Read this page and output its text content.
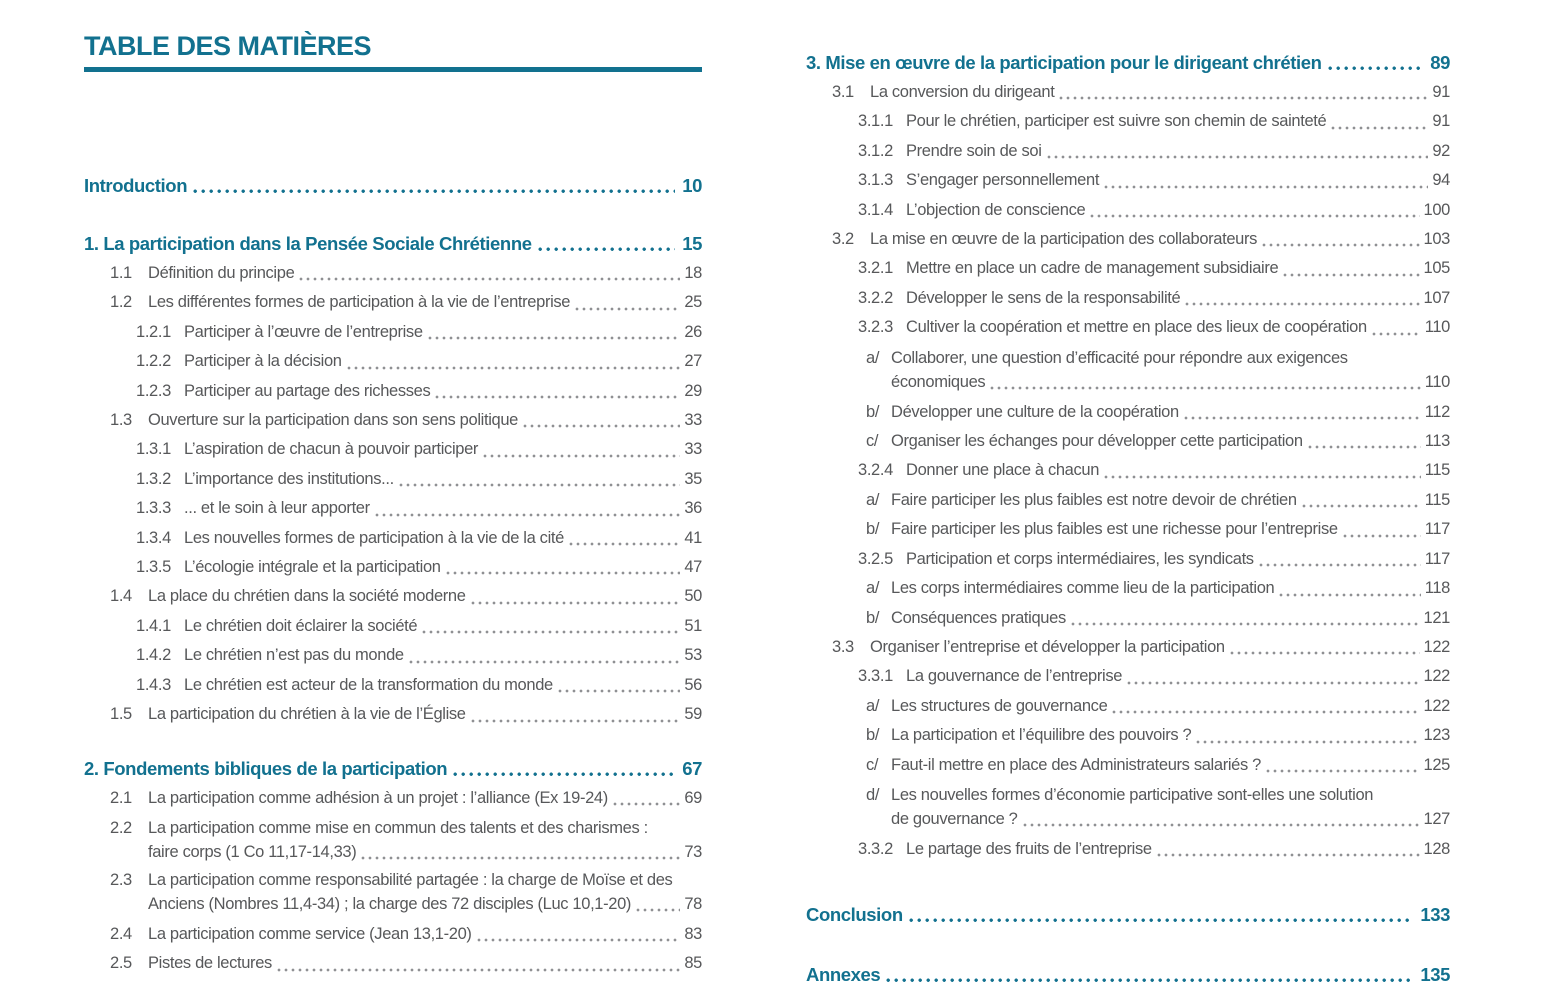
TABLE DES MATIÈRES
Introduction	10
1. La participation dans la Pensée Sociale Chrétienne	15
1.1 Définition du principe	18
1.2 Les différentes formes de participation à la vie de l’entreprise	25
1.2.1 Participer à l’œuvre de l’entreprise	26
1.2.2 Participer à la décision	27
1.2.3 Participer au partage des richesses	29
1.3 Ouverture sur la participation dans son sens politique	33
1.3.1 L’aspiration de chacun à pouvoir participer	33
1.3.2 L’importance des institutions...	35
1.3.3 ... et le soin à leur apporter	36
1.3.4 Les nouvelles formes de participation à la vie de la cité	41
1.3.5 L’écologie intégrale et la participation	47
1.4 La place du chrétien dans la société moderne	50
1.4.1 Le chrétien doit éclairer la société	51
1.4.2 Le chrétien n’est pas du monde	53
1.4.3 Le chrétien est acteur de la transformation du monde	56
1.5 La participation du chrétien à la vie de l’Église	59
2. Fondements bibliques de la participation	67
2.1 La participation comme adhésion à un projet : l’alliance (Ex 19-24)	69
2.2 La participation comme mise en commun des talents et des charismes :
faire corps (1 Co 11,17-14,33)	73
2.3 La participation comme responsabilité partagée : la charge de Moïse et des
Anciens (Nombres 11,4-34) ; la charge des 72 disciples (Luc 10,1-20)	78
2.4 La participation comme service (Jean 13,1-20)	83
2.5 Pistes de lectures	85
3. Mise en œuvre de la participation pour le dirigeant chrétien	89
3.1 La conversion du dirigeant	91
3.1.1 Pour le chrétien, participer est suivre son chemin de sainteté	91
3.1.2 Prendre soin de soi	92
3.1.3 S’engager personnellement	94
3.1.4 L’objection de conscience	100
3.2 La mise en œuvre de la participation des collaborateurs	103
3.2.1 Mettre en place un cadre de management subsidiaire	105
3.2.2 Développer le sens de la responsabilité	107
3.2.3 Cultiver la coopération et mettre en place des lieux de coopération	110
a/ Collaborer, une question d’efficacité pour répondre aux exigences
économiques	110
b/ Développer une culture de la coopération	112
c/ Organiser les échanges pour développer cette participation	113
3.2.4 Donner une place à chacun	115
a/ Faire participer les plus faibles est notre devoir de chrétien	115
b/ Faire participer les plus faibles est une richesse pour l’entreprise	117
3.2.5 Participation et corps intermédiaires, les syndicats	117
a/ Les corps intermédiaires comme lieu de la participation	118
b/ Conséquences pratiques	121
3.3 Organiser l’entreprise et développer la participation	122
3.3.1 La gouvernance de l’entreprise	122
a/ Les structures de gouvernance	122
b/ La participation et l’équilibre des pouvoirs ?	123
c/ Faut-il mettre en place des Administrateurs salariés ?	125
d/ Les nouvelles formes d’économie participative sont-elles une solution
de gouvernance ?	127
3.3.2 Le partage des fruits de l’entreprise	128
Conclusion	133
Annexes	135
